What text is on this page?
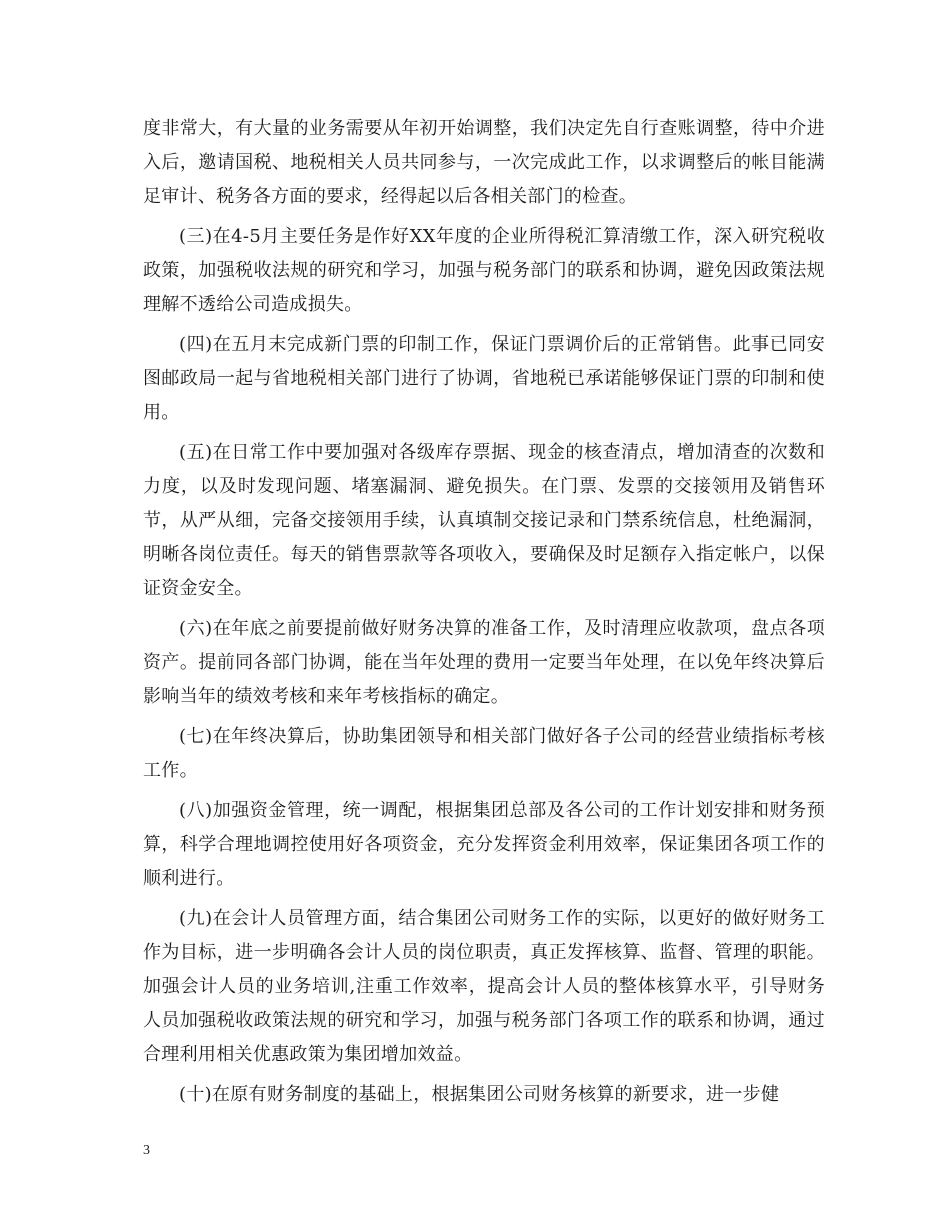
度非常大，有大量的业务需要从年初开始调整，我们决定先自行查账调整，待中介进入后，邀请国税、地税相关人员共同参与，一次完成此工作，以求调整后的帐目能满足审计、税务各方面的要求，经得起以后各相关部门的检查。

(三)在4-5月主要任务是作好XX年度的企业所得税汇算清缴工作，深入研究税收政策，加强税收法规的研究和学习，加强与税务部门的联系和协调，避免因政策法规理解不透给公司造成损失。

(四)在五月末完成新门票的印制工作，保证门票调价后的正常销售。此事已同安图邮政局一起与省地税相关部门进行了协调，省地税已承诺能够保证门票的印制和使用。

(五)在日常工作中要加强对各级库存票据、现金的核查清点，增加清查的次数和力度，以及时发现问题、堵塞漏洞、避免损失。在门票、发票的交接领用及销售环节，从严从细，完备交接领用手续，认真填制交接记录和门禁系统信息，杜绝漏洞，明晰各岗位责任。每天的销售票款等各项收入，要确保及时足额存入指定帐户，以保证资金安全。

(六)在年底之前要提前做好财务决算的准备工作，及时清理应收款项，盘点各项资产。提前同各部门协调，能在当年处理的费用一定要当年处理，在以免年终决算后影响当年的绩效考核和来年考核指标的确定。

(七)在年终决算后，协助集团领导和相关部门做好各子公司的经营业绩指标考核工作。

(八)加强资金管理，统一调配，根据集团总部及各公司的工作计划安排和财务预算，科学合理地调控使用好各项资金，充分发挥资金利用效率，保证集团各项工作的顺利进行。

(九)在会计人员管理方面，结合集团公司财务工作的实际，以更好的做好财务工作为目标，进一步明确各会计人员的岗位职责，真正发挥核算、监督、管理的职能。加强会计人员的业务培训,注重工作效率，提高会计人员的整体核算水平，引导财务人员加强税收政策法规的研究和学习，加强与税务部门各项工作的联系和协调，通过合理利用相关优惠政策为集团增加效益。

(十)在原有财务制度的基础上，根据集团公司财务核算的新要求，进一步健

3
